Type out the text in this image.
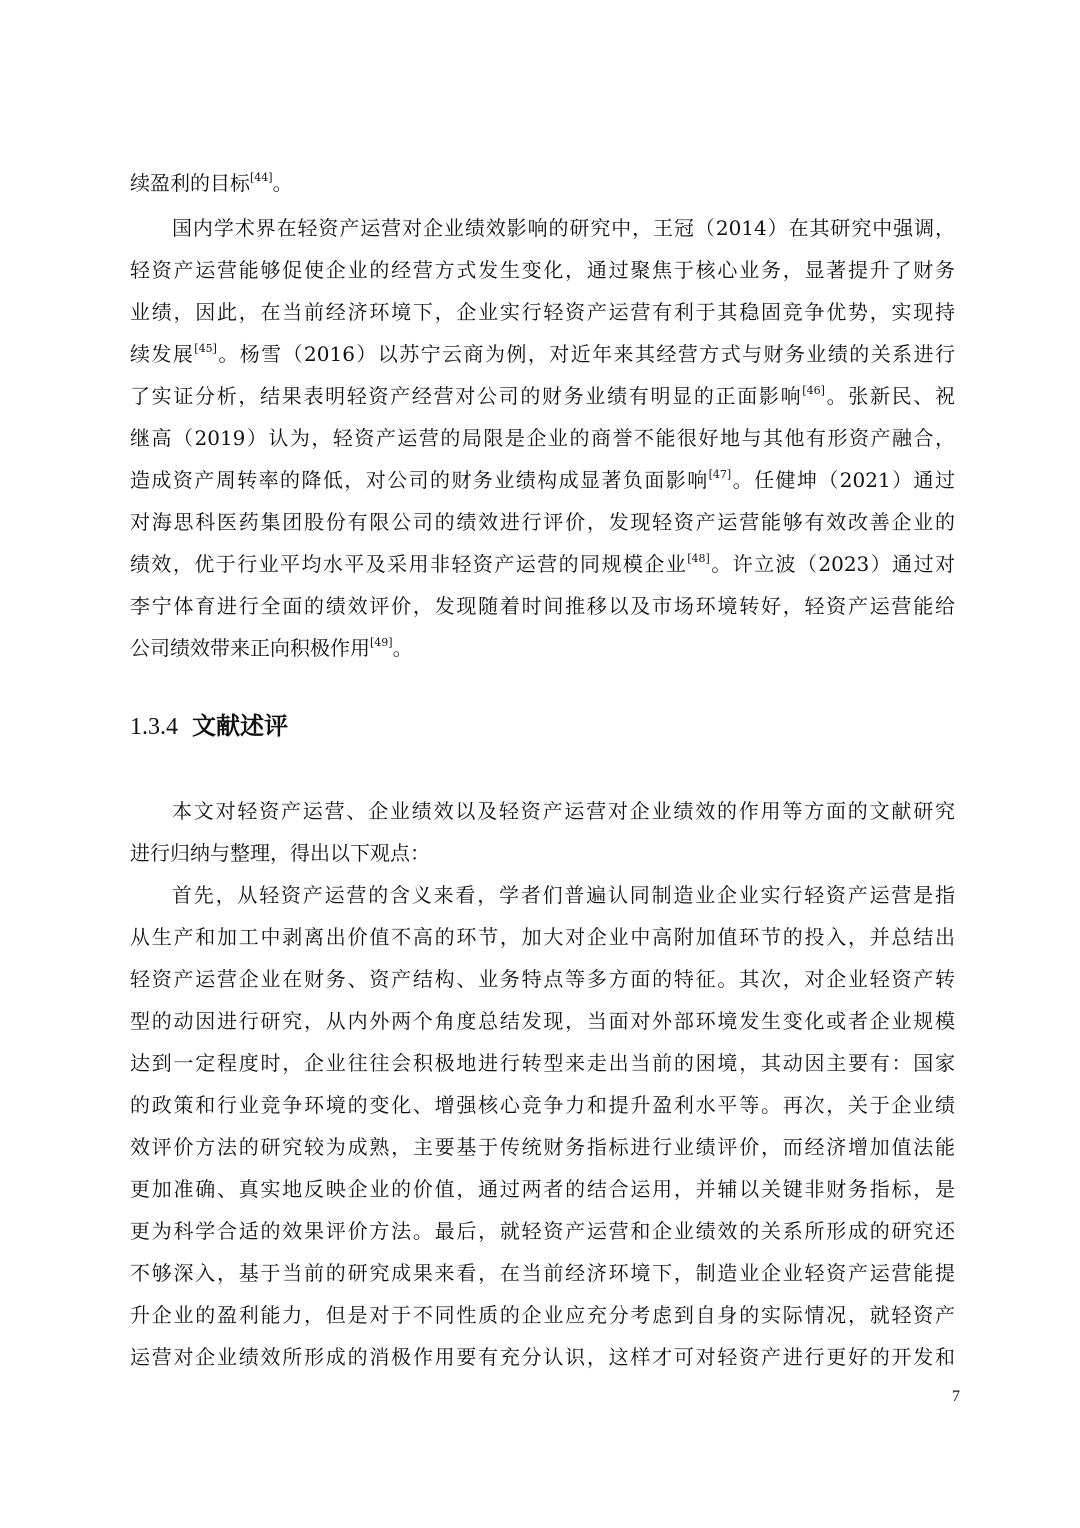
续盈利的目标[44]。
国内学术界在轻资产运营对企业绩效影响的研究中，王冠（2014）在其研究中强调，
轻资产运营能够促使企业的经营方式发生变化，通过聚焦于核心业务，显著提升了财务
业绩，因此，在当前经济环境下，企业实行轻资产运营有利于其稳固竞争优势，实现持
续发展[45]。杨雪（2016）以苏宁云商为例，对近年来其经营方式与财务业绩的关系进行
了实证分析，结果表明轻资产经营对公司的财务业绩有明显的正面影响[46]。张新民、祝
继高（2019）认为，轻资产运营的局限是企业的商誉不能很好地与其他有形资产融合，
造成资产周转率的降低，对公司的财务业绩构成显著负面影响[47]。任健坤（2021）通过
对海思科医药集团股份有限公司的绩效进行评价，发现轻资产运营能够有效改善企业的
绩效，优于行业平均水平及采用非轻资产运营的同规模企业[48]。许立波（2023）通过对
李宁体育进行全面的绩效评价，发现随着时间推移以及市场环境转好，轻资产运营能给
公司绩效带来正向积极作用[49]。
1.3.4 文献述评
本文对轻资产运营、企业绩效以及轻资产运营对企业绩效的作用等方面的文献研究
进行归纳与整理，得出以下观点：
首先，从轻资产运营的含义来看，学者们普遍认同制造业企业实行轻资产运营是指
从生产和加工中剥离出价值不高的环节，加大对企业中高附加值环节的投入，并总结出
轻资产运营企业在财务、资产结构、业务特点等多方面的特征。其次，对企业轻资产转
型的动因进行研究，从内外两个角度总结发现，当面对外部环境发生变化或者企业规模
达到一定程度时，企业往往会积极地进行转型来走出当前的困境，其动因主要有：国家
的政策和行业竞争环境的变化、增强核心竞争力和提升盈利水平等。再次，关于企业绩
效评价方法的研究较为成熟，主要基于传统财务指标进行业绩评价，而经济增加值法能
更加准确、真实地反映企业的价值，通过两者的结合运用，并辅以关键非财务指标，是
更为科学合适的效果评价方法。最后，就轻资产运营和企业绩效的关系所形成的研究还
不够深入，基于当前的研究成果来看，在当前经济环境下，制造业企业轻资产运营能提
升企业的盈利能力，但是对于不同性质的企业应充分考虑到自身的实际情况，就轻资产
运营对企业绩效所形成的消极作用要有充分认识，这样才可对轻资产进行更好的开发和
7
